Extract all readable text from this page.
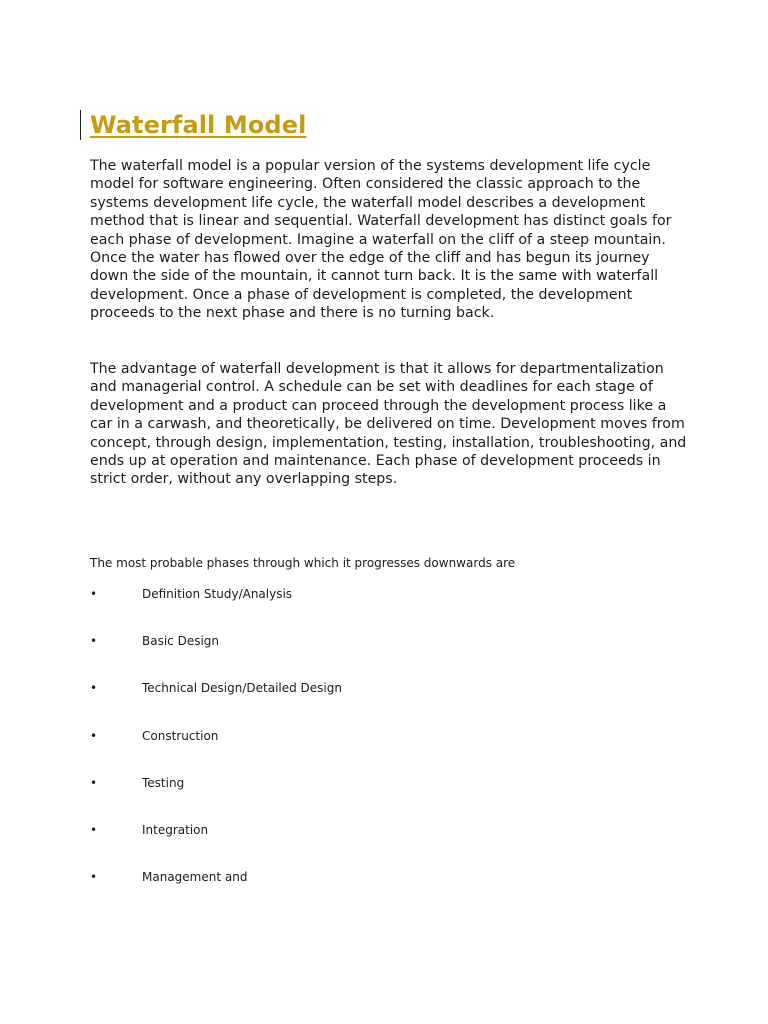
Waterfall Model

The waterfall model is a popular version of the systems development life cycle model for software engineering. Often considered the classic approach to the systems development life cycle, the waterfall model describes a development method that is linear and sequential. Waterfall development has distinct goals for each phase of development. Imagine a waterfall on the cliff of a steep mountain. Once the water has flowed over the edge of the cliff and has begun its journey down the side of the mountain, it cannot turn back. It is the same with waterfall development. Once a phase of development is completed, the development proceeds to the next phase and there is no turning back.

The advantage of waterfall development is that it allows for departmentalization and managerial control. A schedule can be set with deadlines for each stage of development and a product can proceed through the development process like a car in a carwash, and theoretically, be delivered on time. Development moves from concept, through design, implementation, testing, installation, troubleshooting, and ends up at operation and maintenance. Each phase of development proceeds in strict order, without any overlapping steps.

The most probable phases through which it progresses downwards are

•	Definition Study/Analysis
•	Basic Design
•	Technical Design/Detailed Design
•	Construction
•	Testing
•	Integration
•	Management and
